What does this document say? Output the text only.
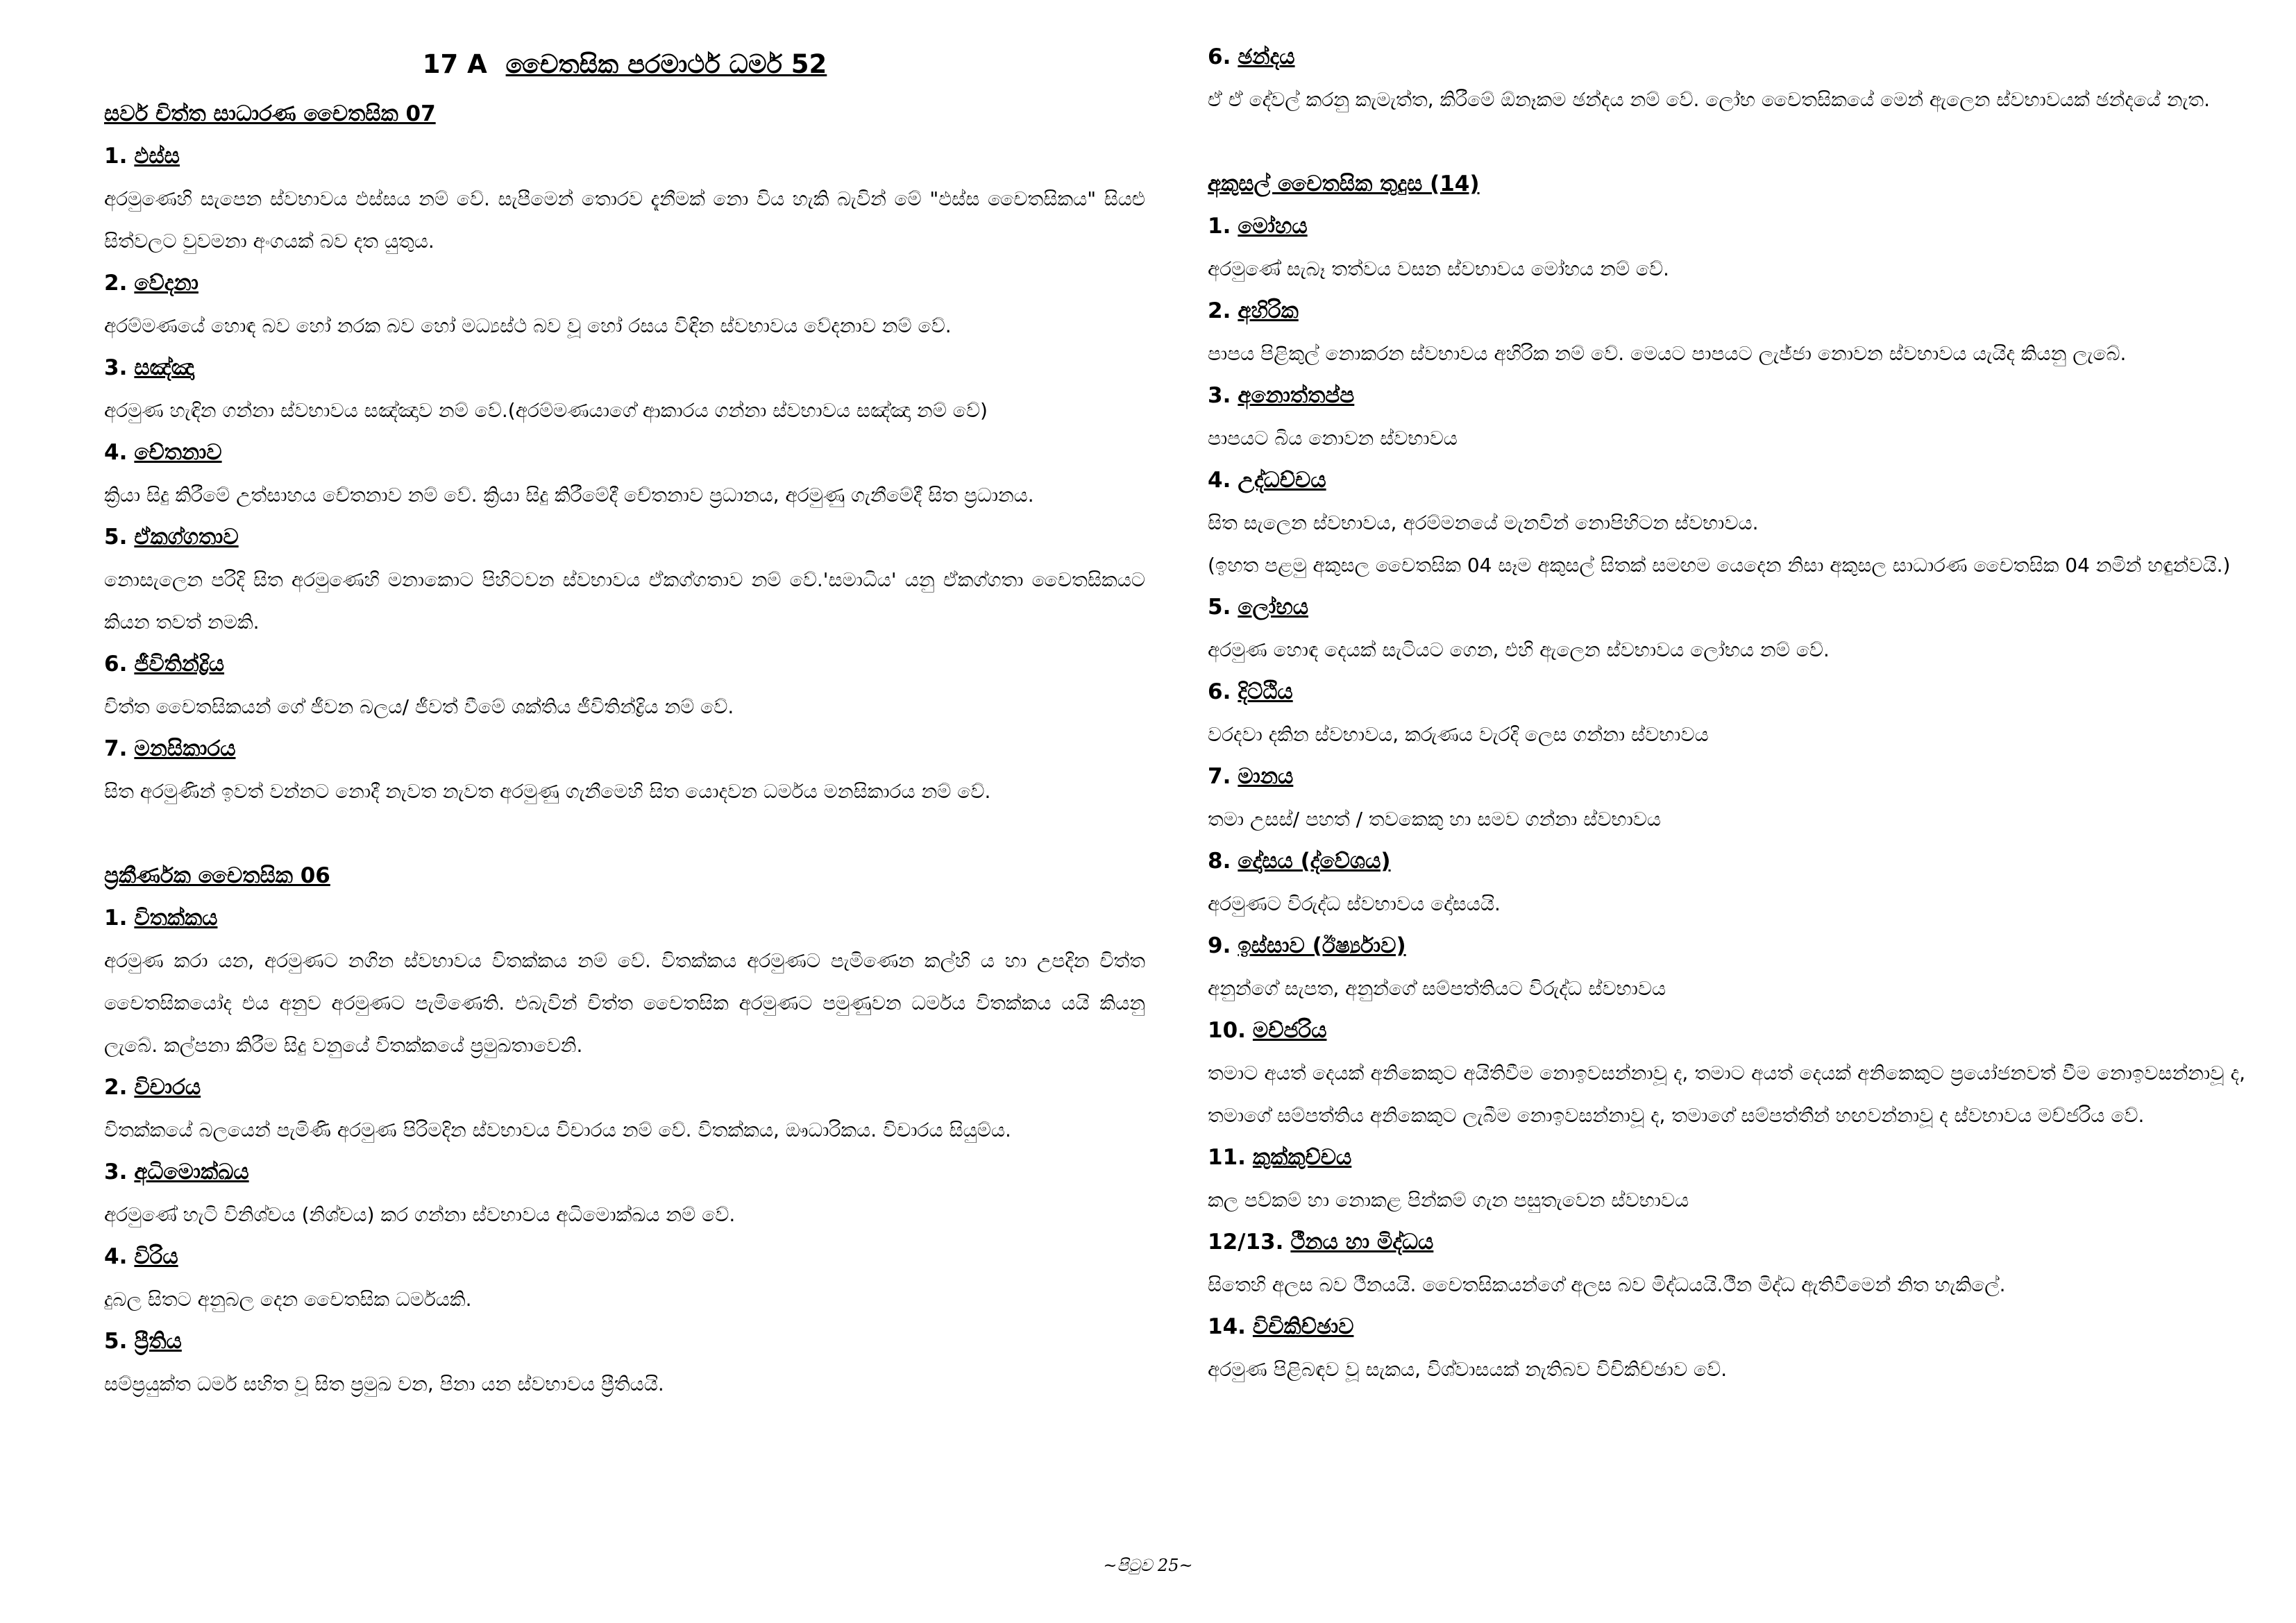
17 A චෛතසික පරමාර්ථ ධර්ම 52
සර්ව චිත්ත සාධාරණ චෛතසික 07
1. ඵස්ස
අරමුණෙහි සැපෙන ස්වභාවය ඵස්සය නම් වේ. සැපීමෙන් තොරව දැනීමක් නො විය හැකි බැවින් මේ "ඵස්ස චෛතසිකය" සියළු සිත්වලට වුවමනා අංගයක් බව දත යුතුය.
2. වේදනා
අරම්මණයේ හොඳ බව හෝ නරක බව හෝ මධ්‍යස්ථ බව වූ හෝ රසය විඳින ස්වභාවය වේදනාව නම් වේ.
3. සඤ්ඤා
අරමුණ හැඳින ගන්නා ස්වභාවය සඤ්ඤාව නම් වේ.(අරම්මණයාගේ ආකාරය ගන්නා ස්වභාවය සඤ්ඤා නම් වේ)
4. චේතනාව
ක්‍රියා සිදු කිරීමේ උත්සාහය චේතනාව නම් වේ. ක්‍රියා සිදු කිරීමේදී චේතනාව ප්‍රධානය, අරමුණු ගැනීමේදී සිත ප්‍රධානය.
5. ඒකග්ගතාව
නොසැලෙන පරිදි සිත අරමුණෙහි මනාකොට පිහිටවන ස්වභාවය ඒකග්ගතාව නම් වේ.'සමාධිය' යනු ඒකග්ගතා චෛතසිකයට කියන තවත් නමකි.
6. ජීවිතින්ද්‍රිය
චිත්ත චෛතසිකයන් ගේ ජීවන බලය/ ජීවත් වීමේ ශක්තිය ජීවිතින්ද්‍රිය නම් වේ.
7. මනසිකාරය
සිත අරමුණින් ඉවත් වන්නට නොදී නැවත නැවත අරමුණු ගැනීමෙහි සිත යොදවන ධර්මය මනසිකාරය නම් වේ.
ප්‍රකීර්ණක චෛතසික 06
1. විතක්කය
අරමුණ කරා යන, අරමුණට නගින ස්වභාවය විතක්කය නම් වේ. විතක්කය අරමුණට පැමිණෙන කල්හි ය හා උපදින චිත්ත චෛතසිකයෝද එය අනුව අරමුණට පැමිණෙති. එබැවින් චිත්ත චෛතසික අරමුණට පමුණුවන ධර්මය විතක්කය යයි කියනු ලැබේ. කල්පනා කිරීම සිදු වනුයේ විතක්කයේ ප්‍රමුඛතාවෙනි.
2. විචාරය
විතක්කයේ බලයෙන් පැමිණි අරමුණ පිරිමදින ස්වභාවය විචාරය නම් වේ. විතක්කය, ඖධාරිකය. විචාරය සියුම්ය.
3. අධිමොක්ඛය
අරමුණේ හැටි විනිශ්චය (නිශ්චය) කර ගන්නා ස්වභාවය අධිමොක්ඛය නම් වේ.
4. විරිය
දුබල සිතට අනුබල දෙන චෛතසික ධර්මයකි.
5. ප්‍රීතිය
සම්ප්‍රයුක්ත ධර්ම සහිත වූ සිත ප්‍රමුඛ වන, පිනා යන ස්වභාවය ප්‍රීතියයි.
6. ඡන්දය
ඒ ඒ දේවල් කරනු කැමැත්ත, කිරීමේ ඕනෑකම ඡන්දය නම් වේ. ලෝභ චෛතසිකයේ මෙන් ඇලෙන ස්වභාවයක් ඡන්දයේ නැත.
අකුසල් චෛතසික තුදුස (14)
1. මෝහය
අරමුණේ සැබෑ තත්වය වසන ස්වභාවය මෝහය නම් වේ.
2. අහිරික
පාපය පිළිකුල් නොකරන ස්වභාවය අහිරික නම් වේ. මෙයට පාපයට ලැජ්ජා නොවන ස්වභාවය යැයිද කියනු ලැබේ.
3. අනොත්තප්ප
පාපයට බිය නොවන ස්වභාවය
4. උද්ධච්චය
සිත සැලෙන ස්වභාවය, අරම්මනයේ මැනවින් නොපිහිටන ස්වභාවය.
(ඉහත පළමු අකුසල චෛතසික 04 සෑම අකුසල් සිතක් සමඟම යෙදෙන නිසා අකුසල සාධාරණ චෛතසික 04 නමින් හඳුන්වයි.)
5. ලෝභය
අරමුණ හොඳ දෙයක් සැටියට ගෙන, එහි ඇලෙන ස්වභාවය ලෝභය නම් වේ.
6. දිට්ඨිය
වරදවා දකින ස්වභාවය, කරුණය වැරදි ලෙස ගන්නා ස්වභාවය
7. මානය
තමා උසස්/ පහත් / තවකෙකු හා සමව ගන්නා ස්වභාවය
8. දෝසය (ද්වේශය)
අරමුණට විරුද්ධ ස්වභාවය දෝසයයි.
9. ඉස්සාව (ඊර්ෂ්‍යාව)
අනුන්ගේ සැපත, අනුන්ගේ සම්පත්තියට විරුද්ධ ස්වභාවය
10. මච්ජරිය
තමාට අයත් දෙයක් අනිකෙකුට අයිතිවීම නොඉවසන්නාවූ ද, තමාට අයත් දෙයක් අනිකෙකුට ප්‍රයෝජනවත් වීම නොඉවසන්නාවූ ද, තමාගේ සම්පත්තිය අනිකෙකුට ලැබීම නොඉවසන්නාවූ ද, තමාගේ සම්පත්තීන් හඟවන්නාවූ ද ස්වභාවය මච්ජරිය වේ.
11. කුක්කුච්චය
කල පව්කම් හා නොකළ පින්කම් ගැන පසුතැවෙන ස්වභාවය
12/13. ථීනය හා මිද්ධය
සිතෙහි අලස බව ථීනයයි. චෛතසිකයන්ගේ අලස බව මිද්ධයයි.ථීන මිද්ධ ඇතිවීමෙන් නිත හැකිලේ.
14. විචිකිච්ඡාව
අරමුණ පිළිබඳව වූ සැකය, විශ්වාසයක් නැතිබව විචිකිච්ඡාව වේ.
~පිටුව 25~
